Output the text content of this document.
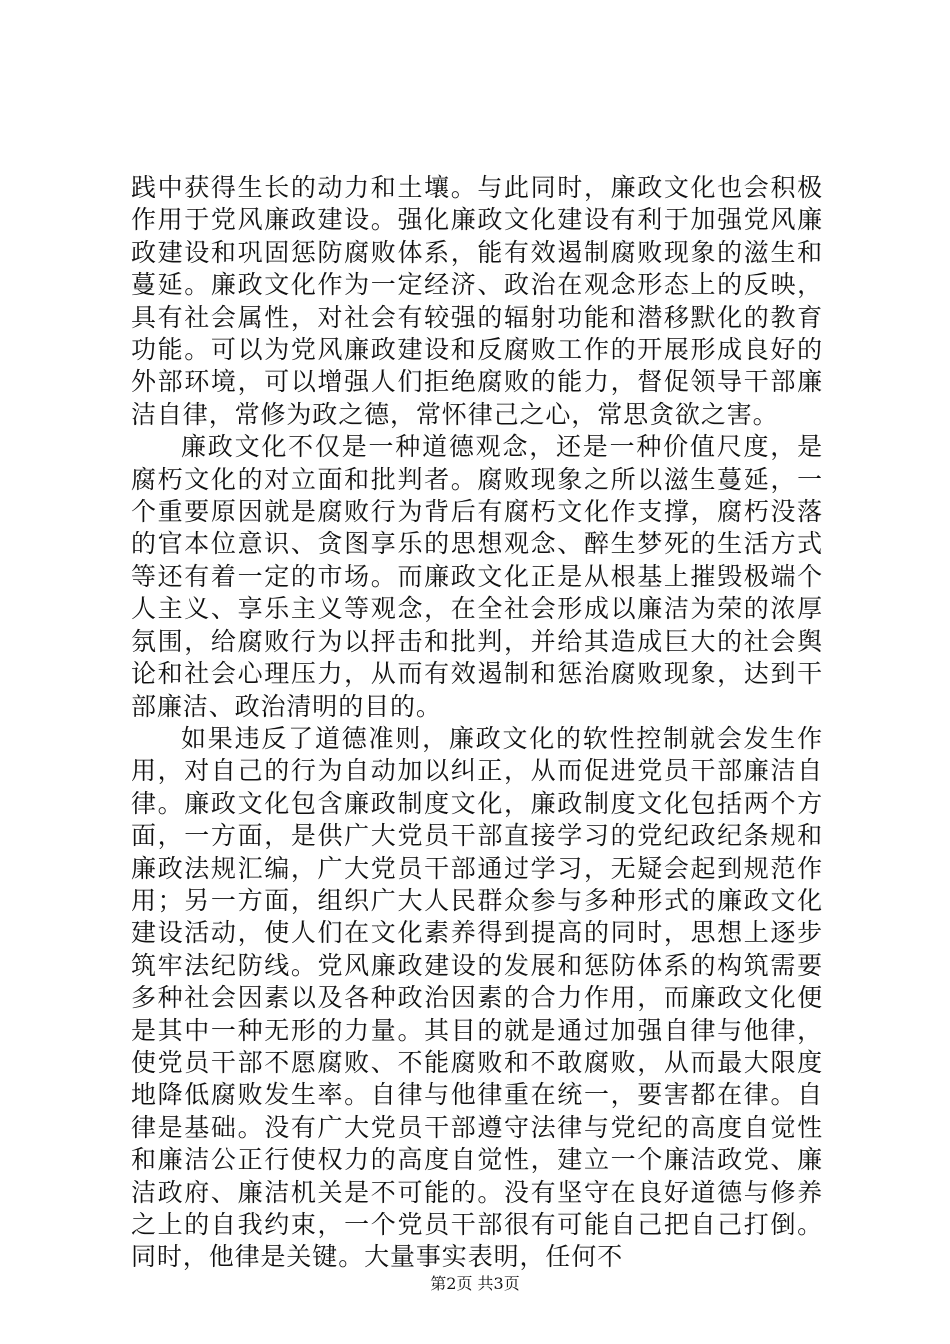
践中获得生长的动力和土壤。与此同时，廉政文化也会积极作用于党风廉政建设。强化廉政文化建设有利于加强党风廉政建设和巩固惩防腐败体系，能有效遏制腐败现象的滋生和蔓延。廉政文化作为一定经济、政治在观念形态上的反映，具有社会属性，对社会有较强的辐射功能和潜移默化的教育功能。可以为党风廉政建设和反腐败工作的开展形成良好的外部环境，可以增强人们拒绝腐败的能力，督促领导干部廉洁自律，常修为政之德，常怀律己之心，常思贪欲之害。

廉政文化不仅是一种道德观念，还是一种价值尺度，是腐朽文化的对立面和批判者。腐败现象之所以滋生蔓延，一个重要原因就是腐败行为背后有腐朽文化作支撑，腐朽没落的官本位意识、贪图享乐的思想观念、醉生梦死的生活方式等还有着一定的市场。而廉政文化正是从根基上摧毁极端个人主义、享乐主义等观念，在全社会形成以廉洁为荣的浓厚氛围，给腐败行为以抨击和批判，并给其造成巨大的社会舆论和社会心理压力，从而有效遏制和惩治腐败现象，达到干部廉洁、政治清明的目的。

如果违反了道德准则，廉政文化的软性控制就会发生作用，对自己的行为自动加以纠正，从而促进党员干部廉洁自律。廉政文化包含廉政制度文化，廉政制度文化包括两个方面，一方面，是供广大党员干部直接学习的党纪政纪条规和廉政法规汇编，广大党员干部通过学习，无疑会起到规范作用；另一方面，组织广大人民群众参与多种形式的廉政文化建设活动，使人们在文化素养得到提高的同时，思想上逐步筑牢法纪防线。党风廉政建设的发展和惩防体系的构筑需要多种社会因素以及各种政治因素的合力作用，而廉政文化便是其中一种无形的力量。其目的就是通过加强自律与他律，使党员干部不愿腐败、不能腐败和不敢腐败，从而最大限度地降低腐败发生率。自律与他律重在统一，要害都在律。自律是基础。没有广大党员干部遵守法律与党纪的高度自觉性和廉洁公正行使权力的高度自觉性，建立一个廉洁政党、廉洁政府、廉洁机关是不可能的。没有坚守在良好道德与修养之上的自我约束，一个党员干部很有可能自己把自己打倒。同时，他律是关键。大量事实表明，任何不

第2页 共3页
